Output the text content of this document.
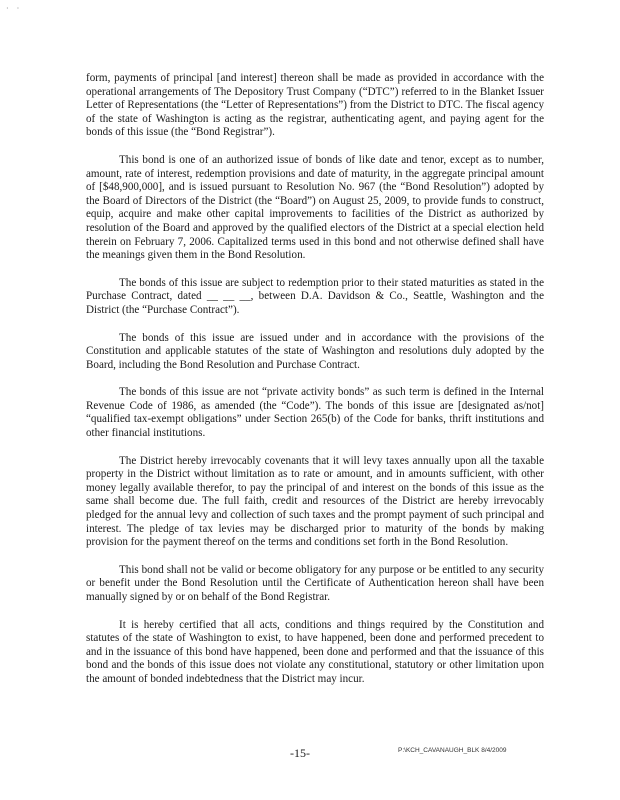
· ·

form, payments of principal [and interest] thereon shall be made as provided in accordance with the operational arrangements of The Depository Trust Company (“DTC”) referred to in the Blanket Issuer Letter of Representations (the “Letter of Representations”) from the District to DTC. The fiscal agency of the state of Washington is acting as the registrar, authenticating agent, and paying agent for the bonds of this issue (the “Bond Registrar”).

This bond is one of an authorized issue of bonds of like date and tenor, except as to number, amount, rate of interest, redemption provisions and date of maturity, in the aggregate principal amount of [$48,900,000], and is issued pursuant to Resolution No. 967 (the “Bond Resolution”) adopted by the Board of Directors of the District (the “Board”) on August 25, 2009, to provide funds to construct, equip, acquire and make other capital improvements to facilities of the District as authorized by resolution of the Board and approved by the qualified electors of the District at a special election held therein on February 7, 2006. Capitalized terms used in this bond and not otherwise defined shall have the meanings given them in the Bond Resolution.

The bonds of this issue are subject to redemption prior to their stated maturities as stated in the Purchase Contract, dated __ __ __, between D.A. Davidson & Co., Seattle, Washington and the District (the “Purchase Contract”).

The bonds of this issue are issued under and in accordance with the provisions of the Constitution and applicable statutes of the state of Washington and resolutions duly adopted by the Board, including the Bond Resolution and Purchase Contract.

The bonds of this issue are not “private activity bonds” as such term is defined in the Internal Revenue Code of 1986, as amended (the “Code”). The bonds of this issue are [designated as/not] “qualified tax-exempt obligations” under Section 265(b) of the Code for banks, thrift institutions and other financial institutions.

The District hereby irrevocably covenants that it will levy taxes annually upon all the taxable property in the District without limitation as to rate or amount, and in amounts sufficient, with other money legally available therefor, to pay the principal of and interest on the bonds of this issue as the same shall become due. The full faith, credit and resources of the District are hereby irrevocably pledged for the annual levy and collection of such taxes and the prompt payment of such principal and interest. The pledge of tax levies may be discharged prior to maturity of the bonds by making provision for the payment thereof on the terms and conditions set forth in the Bond Resolution.

This bond shall not be valid or become obligatory for any purpose or be entitled to any security or benefit under the Bond Resolution until the Certificate of Authentication hereon shall have been manually signed by or on behalf of the Bond Registrar.

It is hereby certified that all acts, conditions and things required by the Constitution and statutes of the state of Washington to exist, to have happened, been done and performed precedent to and in the issuance of this bond have happened, been done and performed and that the issuance of this bond and the bonds of this issue does not violate any constitutional, statutory or other limitation upon the amount of bonded indebtedness that the District may incur.

-15-	P:\KCH_CAVANAUGH_BLK 8/4/2009
